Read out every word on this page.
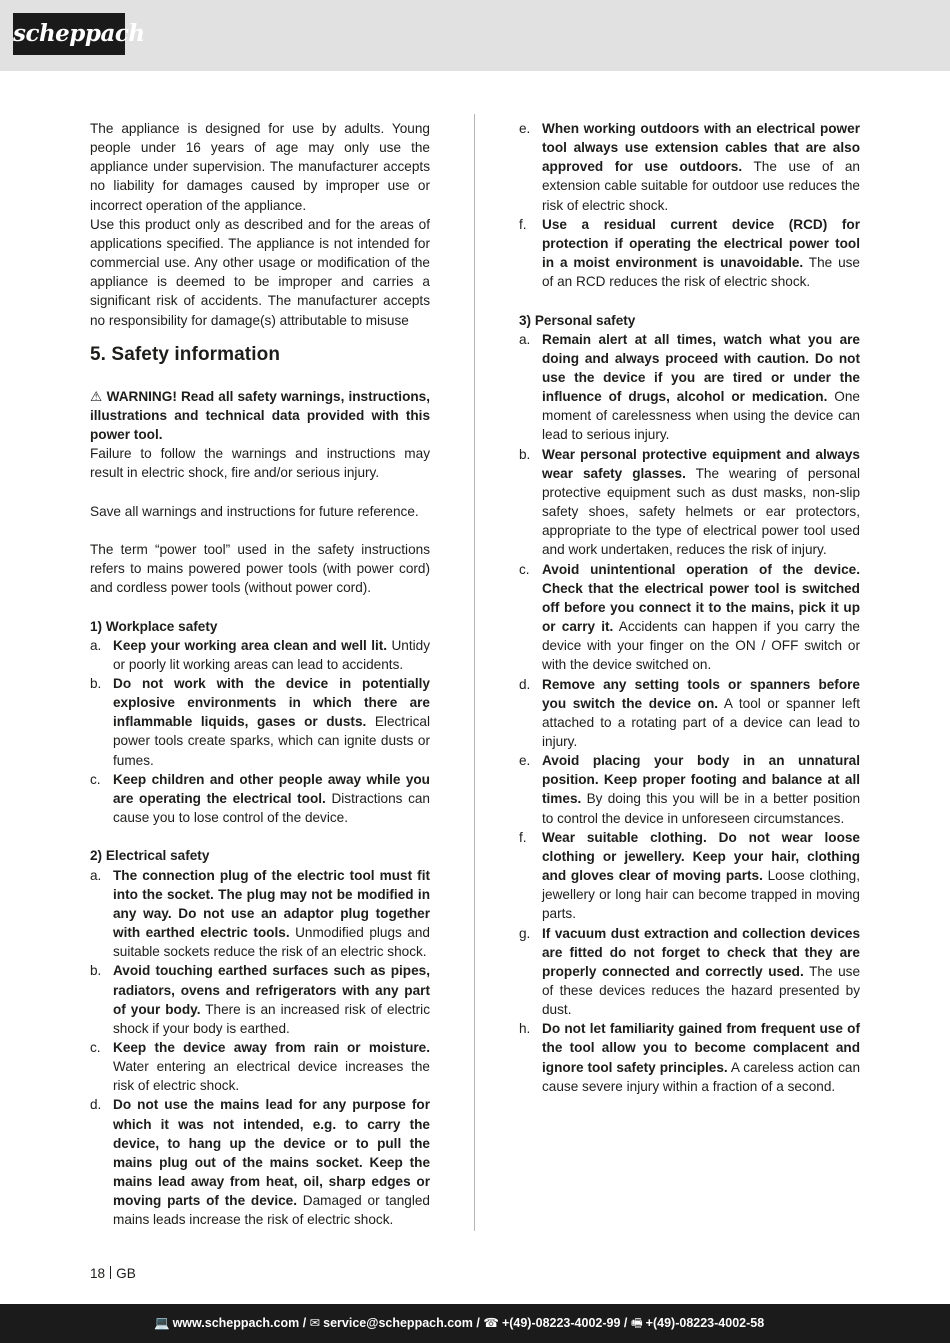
scheppach

The appliance is designed for use by adults. Young people under 16 years of age may only use the appliance under supervision. The manufacturer accepts no liability for damages caused by improper use or incorrect operation of the appliance.

Use this product only as described and for the areas of applications specified. The appliance is not intended for commercial use. Any other usage or modification of the appliance is deemed to be improper and carries a significant risk of accidents. The manufacturer accepts no responsibility for damage(s) attributable to misuse

5. Safety information

⚠ WARNING! Read all safety warnings, instructions, illustrations and technical data provided with this power tool.

Failure to follow the warnings and instructions may result in electric shock, fire and/or serious injury.

Save all warnings and instructions for future reference.

The term “power tool” used in the safety instructions refers to mains powered power tools (with power cord) and cordless power tools (without power cord).

1) Workplace safety
a. Keep your working area clean and well lit. Untidy or poorly lit working areas can lead to accidents.
b. Do not work with the device in potentially explosive environments in which there are inflammable liquids, gases or dusts. Electrical power tools create sparks, which can ignite dusts or fumes.
c. Keep children and other people away while you are operating the electrical tool. Distractions can cause you to lose control of the device.
2) Electrical safety
a. The connection plug of the electric tool must fit into the socket. The plug may not be modified in any way. Do not use an adaptor plug together with earthed electric tools. Unmodified plugs and suitable sockets reduce the risk of an electric shock.
b. Avoid touching earthed surfaces such as pipes, radiators, ovens and refrigerators with any part of your body. There is an increased risk of electric shock if your body is earthed.
c. Keep the device away from rain or moisture. Water entering an electrical device increases the risk of electric shock.
d. Do not use the mains lead for any purpose for which it was not intended, e.g. to carry the device, to hang up the device or to pull the mains plug out of the mains socket. Keep the mains lead away from heat, oil, sharp edges or moving parts of the device. Damaged or tangled mains leads increase the risk of electric shock.
e. When working outdoors with an electrical power tool always use extension cables that are also approved for use outdoors. The use of an extension cable suitable for outdoor use reduces the risk of electric shock.
f.	Use a residual current device (RCD) for protection if operating the electrical power tool in a moist environment is unavoidable. The use of an RCD reduces the risk of electric shock.
3) Personal safety
a. Remain alert at all times, watch what you are doing and always proceed with caution. Do not use the device if you are tired or under the influence of drugs, alcohol or medication. One moment of carelessness when using the device can lead to serious injury.
b. Wear personal protective equipment and always wear safety glasses. The wearing of personal protective equipment such as dust masks, non-slip safety shoes, safety helmets or ear protectors, appropriate to the type of electrical power tool used and work undertaken, reduces the risk of injury.
c. Avoid unintentional operation of the device. Check that the electrical power tool is switched off before you connect it to the mains, pick it up or carry it. Accidents can happen if you carry the device with your finger on the ON / OFF switch or with the device switched on.
d. Remove any setting tools or spanners before you switch the device on. A tool or spanner left attached to a rotating part of a device can lead to injury.
e. Avoid placing your body in an unnatural position. Keep proper footing and balance at all times. By doing this you will be in a better position to control the device in unforeseen circumstances.
f.	Wear suitable clothing. Do not wear loose clothing or jewellery. Keep your hair, clothing and gloves clear of moving parts. Loose clothing, jewellery or long hair can become trapped in moving parts.
g. If vacuum dust extraction and collection devices are fitted do not forget to check that they are properly connected and correctly used. The use of these devices reduces the hazard presented by dust.
h. Do not let familiarity gained from frequent use of the tool allow you to become complacent and ignore tool safety principles. A careless action can cause severe injury within a fraction of a second.
18 GB
💻 www.scheppach.com / ✉ service@scheppach.com / ☎ +(49)-08223-4002-99 / 🖷 +(49)-08223-4002-58
